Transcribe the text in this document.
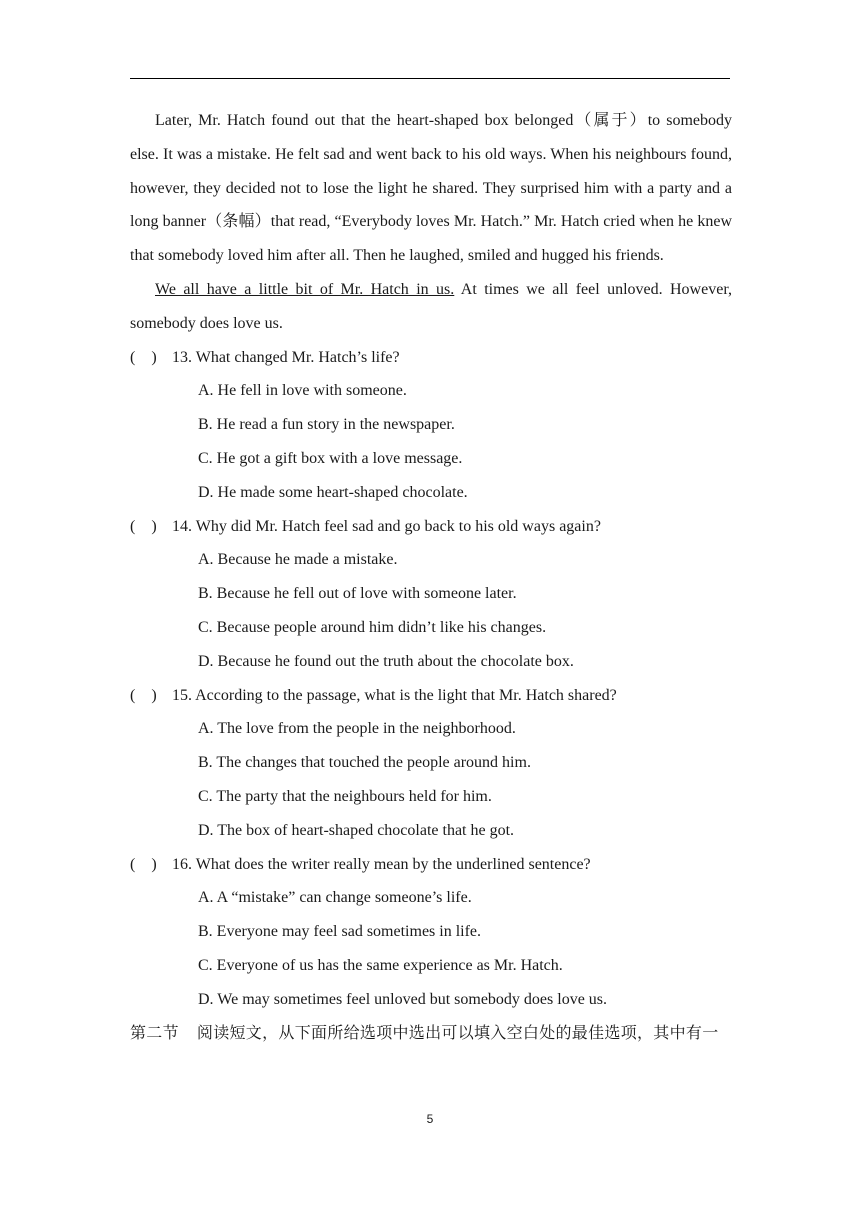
Later, Mr. Hatch found out that the heart-shaped box belonged（属于）to somebody else. It was a mistake. He felt sad and went back to his old ways. When his neighbours found, however, they decided not to lose the light he shared. They surprised him with a party and a long banner（条幅）that read, “Everybody loves Mr. Hatch.” Mr. Hatch cried when he knew that somebody loved him after all. Then he laughed, smiled and hugged his friends.

We all have a little bit of Mr. Hatch in us. At times we all feel unloved. However, somebody does love us.

(　) 13. What changed Mr. Hatch’s life?

A. He fell in love with someone.

B. He read a fun story in the newspaper.

C. He got a gift box with a love message.

D. He made some heart-shaped chocolate.

(　) 14. Why did Mr. Hatch feel sad and go back to his old ways again?

A. Because he made a mistake.

B. Because he fell out of love with someone later.

C. Because people around him didn’t like his changes.

D. Because he found out the truth about the chocolate box.

(　) 15. According to the passage, what is the light that Mr. Hatch shared?

A. The love from the people in the neighborhood.

B. The changes that touched the people around him.

C. The party that the neighbours held for him.

D. The box of heart-shaped chocolate that he got.

(　) 16. What does the writer really mean by the underlined sentence?

A. A “mistake” can change someone’s life.

B. Everyone may feel sad sometimes in life.

C. Everyone of us has the same experience as Mr. Hatch.

D. We may sometimes feel unloved but somebody does love us.

第二节 阅读短文，从下面所给选项中选出可以填入空白处的最佳选项，其中有一

5
